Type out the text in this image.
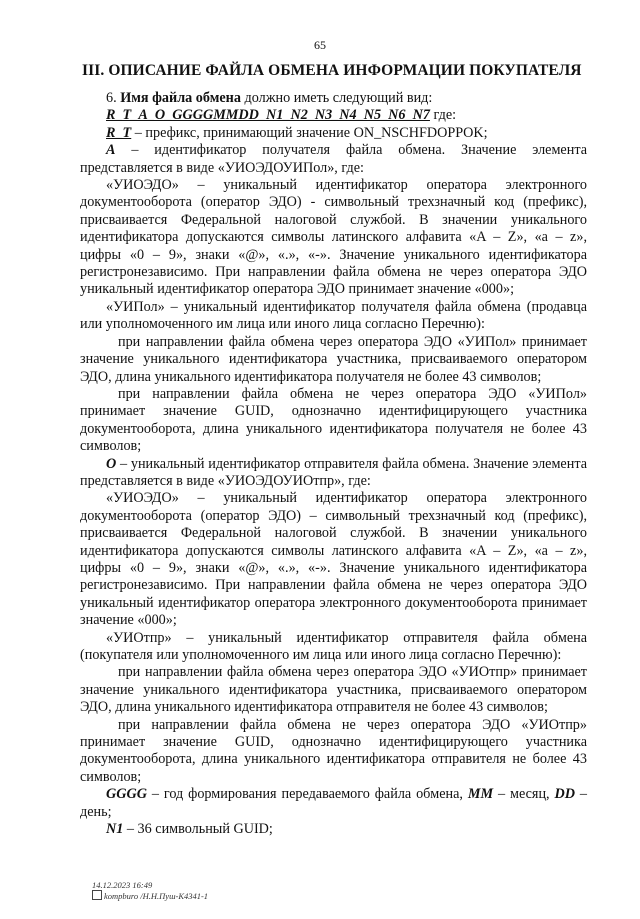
65
III. ОПИСАНИЕ ФАЙЛА ОБМЕНА ИНФОРМАЦИИ ПОКУПАТЕЛЯ

6. Имя файла обмена должно иметь следующий вид:

R_T_A_O_GGGGMMDD_N1_N2_N3_N4_N5_N6_N7 где:

R_T – префикс, принимающий значение ON_NSCHFDOPPOK;

A – идентификатор получателя файла обмена. Значение элемента представляется в виде «УИОЭДОУИПол», где:

«УИОЭДО» – уникальный идентификатор оператора электронного документооборота (оператор ЭДО) - символьный трехзначный код (префикс), присваивается Федеральной налоговой службой. В значении уникального идентификатора допускаются символы латинского алфавита «A – Z», «a – z», цифры «0 – 9», знаки «@», «.», «-». Значение уникального идентификатора регистронезависимо. При направлении файла обмена не через оператора ЭДО уникальный идентификатор оператора ЭДО принимает значение «000»;

«УИПол» – уникальный идентификатор получателя файла обмена (продавца или уполномоченного им лица или иного лица согласно Перечню):

при направлении файла обмена через оператора ЭДО «УИПол» принимает значение уникального идентификатора участника, присваиваемого оператором ЭДО, длина уникального идентификатора получателя не более 43 символов;

при направлении файла обмена не через оператора ЭДО «УИПол» принимает значение GUID, однозначно идентифицирующего участника документооборота, длина уникального идентификатора получателя не более 43 символов;

O – уникальный идентификатор отправителя файла обмена. Значение элемента представляется в виде «УИОЭДОУИОтпр», где:

«УИОЭДО» – уникальный идентификатор оператора электронного документооборота (оператор ЭДО) – символьный трехзначный код (префикс), присваивается Федеральной налоговой службой. В значении уникального идентификатора допускаются символы латинского алфавита «A – Z», «a – z», цифры «0 – 9», знаки «@», «.», «-». Значение уникального идентификатора регистронезависимо. При направлении файла обмена не через оператора ЭДО уникальный идентификатор оператора электронного документооборота принимает значение «000»;

«УИОтпр» – уникальный идентификатор отправителя файла обмена (покупателя или уполномоченного им лица или иного лица согласно Перечню):

при направлении файла обмена через оператора ЭДО «УИОтпр» принимает значение уникального идентификатора участника, присваиваемого оператором ЭДО, длина уникального идентификатора отправителя не более 43 символов;

при направлении файла обмена не через оператора ЭДО «УИОтпр» принимает значение GUID, однозначно идентифицирующего участника документооборота, длина уникального идентификатора отправителя не более 43 символов;

GGGG – год формирования передаваемого файла обмена, MM – месяц, DD – день;

N1 – 36 символьный GUID;

14.12.2023 16:49
kompburo /Н.Н.Пуш-К4341-1
